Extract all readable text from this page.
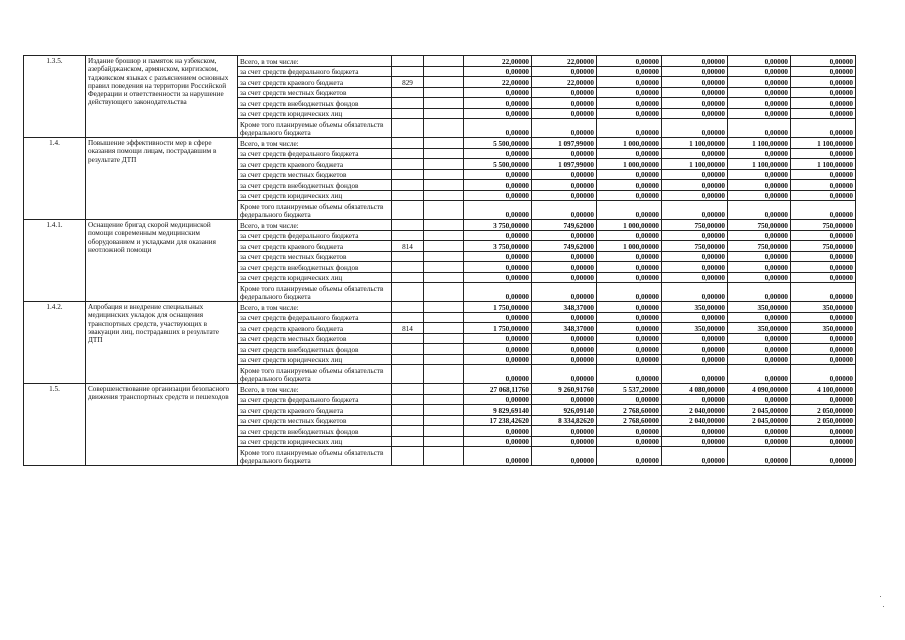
1.3.5.	Издание брошюр и памяток на узбекском, азербайджанском, армянском, киргизском, таджикском языках с разъяснением основных правил поведения на территории Российской Федерации и ответственности за нарушение действующего законодательства	Всего, в том числе:			22,00000	22,00000	0,00000	0,00000	0,00000	0,00000
		за счет средств федерального бюджета			0,00000	0,00000	0,00000	0,00000	0,00000	0,00000
		за счет средств краевого бюджета	829		22,00000	22,00000	0,00000	0,00000	0,00000	0,00000
		за счет средств местных бюджетов			0,00000	0,00000	0,00000	0,00000	0,00000	0,00000
		за счет средств внебюджетных фондов			0,00000	0,00000	0,00000	0,00000	0,00000	0,00000
		за счет средств юридических лиц			0,00000	0,00000	0,00000	0,00000	0,00000	0,00000
		Кроме того планируемые объемы обязательств федерального бюджета			0,00000	0,00000	0,00000	0,00000	0,00000	0,00000
1.4.	Повышение эффективности мер в сфере оказания помощи лицам, пострадавшим в результате ДТП	Всего, в том числе:			5 500,00000	1 097,99000	1 000,00000	1 100,00000	1 100,00000	1 100,00000
		за счет средств федерального бюджета			0,00000	0,00000	0,00000	0,00000	0,00000	0,00000
		за счет средств краевого бюджета			5 500,00000	1 097,99000	1 000,00000	1 100,00000	1 100,00000	1 100,00000
		за счет средств местных бюджетов			0,00000	0,00000	0,00000	0,00000	0,00000	0,00000
		за счет средств внебюджетных фондов			0,00000	0,00000	0,00000	0,00000	0,00000	0,00000
		за счет средств юридических лиц			0,00000	0,00000	0,00000	0,00000	0,00000	0,00000
		Кроме того планируемые объемы обязательств федерального бюджета			0,00000	0,00000	0,00000	0,00000	0,00000	0,00000
1.4.1.	Оснащение бригад скорой медицинской помощи современным медицинским оборудованием и укладками для оказания неотложной помощи	Всего, в том числе:			3 750,00000	749,62000	1 000,00000	750,00000	750,00000	750,00000
		за счет средств федерального бюджета			0,00000	0,00000	0,00000	0,00000	0,00000	0,00000
		за счет средств краевого бюджета	814		3 750,00000	749,62000	1 000,00000	750,00000	750,00000	750,00000
		за счет средств местных бюджетов			0,00000	0,00000	0,00000	0,00000	0,00000	0,00000
		за счет средств внебюджетных фондов			0,00000	0,00000	0,00000	0,00000	0,00000	0,00000
		за счет средств юридических лиц			0,00000	0,00000	0,00000	0,00000	0,00000	0,00000
		Кроме того планируемые объемы обязательств федерального бюджета			0,00000	0,00000	0,00000	0,00000	0,00000	0,00000
1.4.2.	Апробация и внедрение специальных медицинских укладок для оснащения транспортных средств, участвующих в эвакуации лиц, пострадавших в результате ДТП	Всего, в том числе:			1 750,00000	348,37000	0,00000	350,00000	350,00000	350,00000
		за счет средств федерального бюджета			0,00000	0,00000	0,00000	0,00000	0,00000	0,00000
		за счет средств краевого бюджета	814		1 750,00000	348,37000	0,00000	350,00000	350,00000	350,00000
		за счет средств местных бюджетов			0,00000	0,00000	0,00000	0,00000	0,00000	0,00000
		за счет средств внебюджетных фондов			0,00000	0,00000	0,00000	0,00000	0,00000	0,00000
		за счет средств юридических лиц			0,00000	0,00000	0,00000	0,00000	0,00000	0,00000
		Кроме того планируемые объемы обязательств федерального бюджета			0,00000	0,00000	0,00000	0,00000	0,00000	0,00000
1.5.	Совершенствование организации безопасного движения транспортных средств и пешеходов	Всего, в том числе:			27 068,11760	9 260,91760	5 537,20000	4 080,00000	4 090,00000	4 100,00000
		за счет средств федерального бюджета			0,00000	0,00000	0,00000	0,00000	0,00000	0,00000
		за счет средств краевого бюджета			9 829,69140	926,09140	2 768,60000	2 040,00000	2 045,00000	2 050,00000
		за счет средств местных бюджетов			17 238,42620	8 334,82620	2 768,60000	2 040,00000	2 045,00000	2 050,00000
		за счет средств внебюджетных фондов			0,00000	0,00000	0,00000	0,00000	0,00000	0,00000
		за счет средств юридических лиц			0,00000	0,00000	0,00000	0,00000	0,00000	0,00000
		Кроме того планируемые объемы обязательств федерального бюджета			0,00000	0,00000	0,00000	0,00000	0,00000	0,00000
